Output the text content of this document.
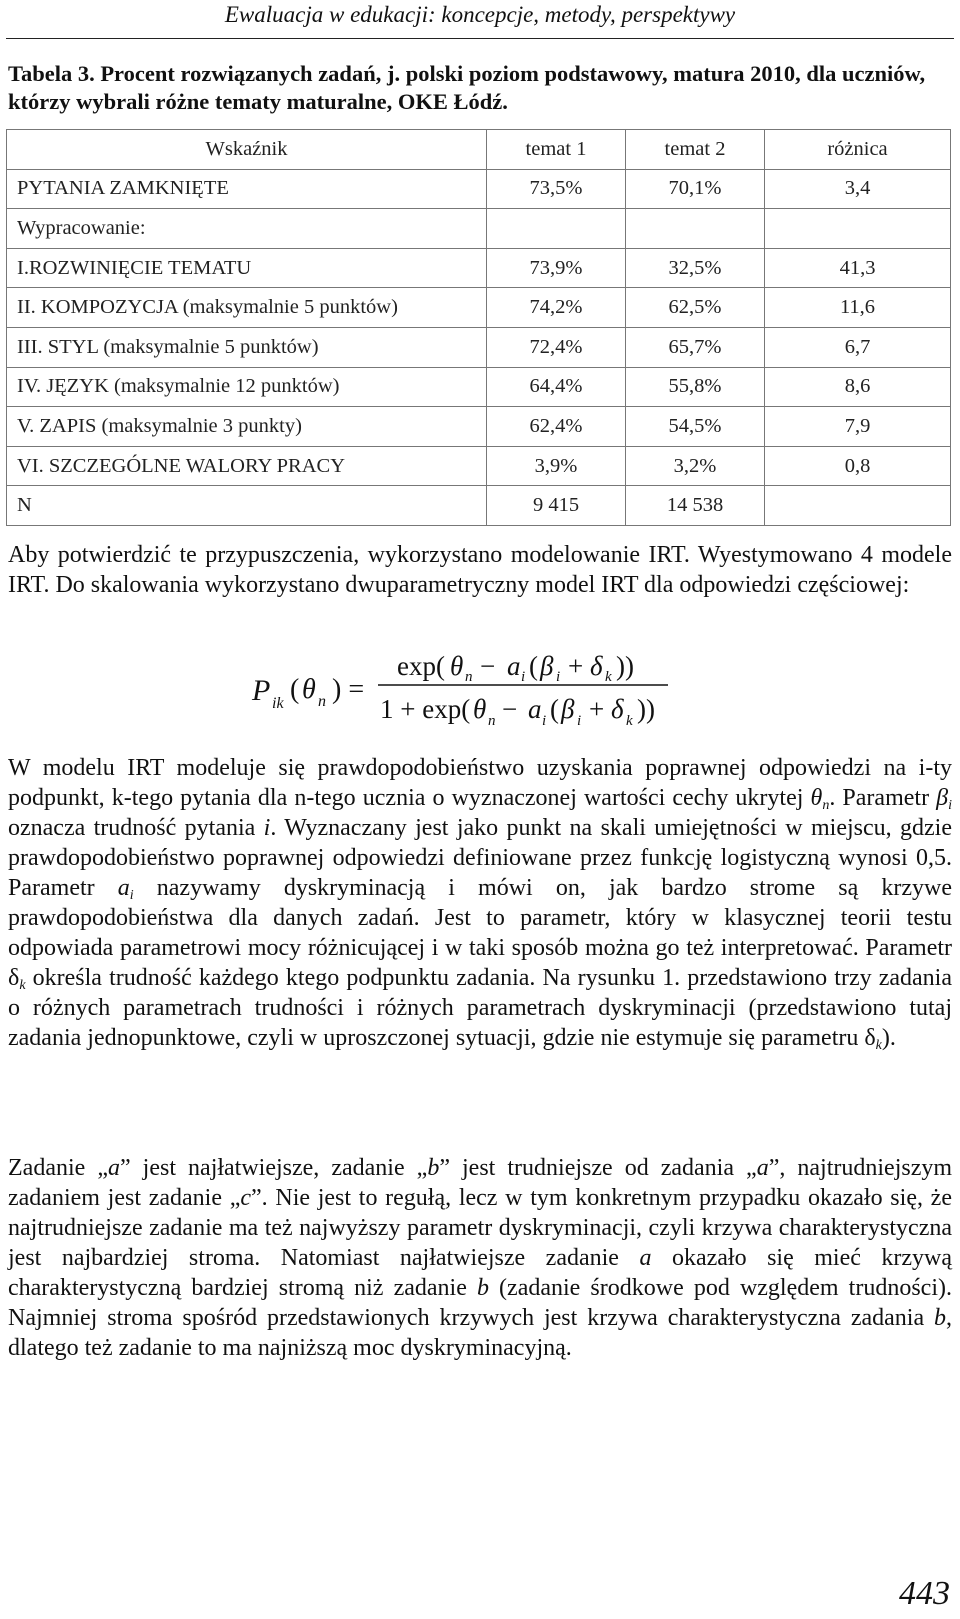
Ewaluacja w edukacji: koncepcje, metody, perspektywy
Tabela 3. Procent rozwiązanych zadań, j. polski poziom podstawowy, matura 2010, dla uczniów, którzy wybrali różne tematy maturalne, OKE Łódź.
Wskaźnik	temat 1	temat 2	różnica
PYTANIA ZAMKNIĘTE	73,5%	70,1%	3,4
Wypracowanie:			
I.ROZWINIĘCIE TEMATU	73,9%	32,5%	41,3
II. KOMPOZYCJA (maksymalnie 5 punktów)	74,2%	62,5%	11,6
III. STYL (maksymalnie 5 punktów)	72,4%	65,7%	6,7
IV. JĘZYK (maksymalnie 12 punktów)	64,4%	55,8%	8,6
V. ZAPIS (maksymalnie 3 punkty)	62,4%	54,5%	7,9
VI. SZCZEGÓLNE WALORY PRACY	3,9%	3,2%	0,8
N	9 415	14 538	
Aby potwierdzić te przypuszczenia, wykorzystano modelowanie IRT. Wyestymowano 4 modele IRT. Do skalowania wykorzystano dwuparametryczny model IRT dla odpowiedzi częściowej:
P ik ( θ n ) =
exp( θ n − a i ( β i + δ k ))
1 + exp( θ n − a i ( β i + δ k ))
W modelu IRT modeluje się prawdopodobieństwo uzyskania poprawnej odpowiedzi na i-ty podpunkt, k-tego pytania dla n-tego ucznia o wyznaczonej wartości cechy ukrytej $\theta_n$. Parametr $\beta_i$ oznacza trudność pytania i. Wyznaczany jest jako punkt na skali umiejętności w miejscu, gdzie prawdopodobieństwo poprawnej odpowiedzi definiowane przez funkcję logistyczną wynosi 0,5. Parametr $a_i$ nazywamy dyskryminacją i mówi on, jak bardzo strome są krzywe prawdopodobieństwa dla danych zadań. Jest to parametr, który w klasycznej teorii testu odpowiada parametrowi mocy różnicującej i w taki sposób można go też interpretować. Parametr $\delta_k$ określa trudność każdego ktego podpunktu zadania. Na rysunku 1. przedstawiono trzy zadania o różnych parametrach trudności i różnych parametrach dyskryminacji (przedstawiono tutaj zadania jednopunktowe, czyli w uproszczonej sytuacji, gdzie nie estymuje się parametru $\delta_k$).
Zadanie „a” jest najłatwiejsze, zadanie „b” jest trudniejsze od zadania „a”, najtrudniejszym zadaniem jest zadanie „c”. Nie jest to regułą, lecz w tym konkretnym przypadku okazało się, że najtrudniejsze zadanie ma też najwyższy parametr dyskryminacji, czyli krzywa charakterystyczna jest najbardziej stroma. Natomiast najłatwiejsze zadanie a okazało się mieć krzywą charakterystyczną bardziej stromą niż zadanie b (zadanie środkowe pod względem trudności). Najmniej stroma spośród przedstawionych krzywych jest krzywa charakterystyczna zadania b, dlatego też zadanie to ma najniższą moc dyskryminacyjną.
443
